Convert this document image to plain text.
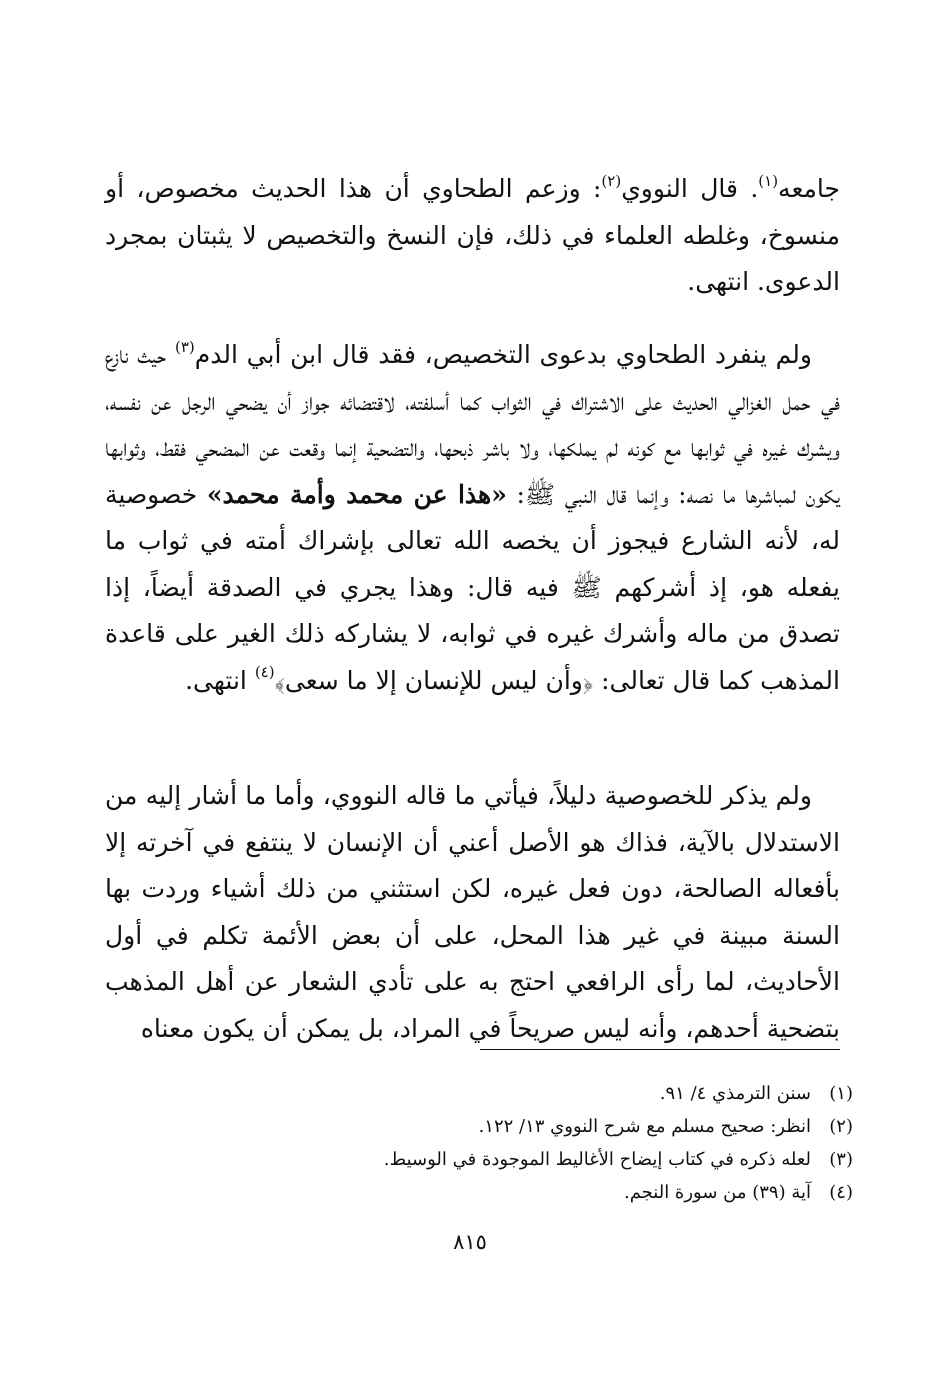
جامعه$^{(١)}$. قال النووي$^{(٢)}$: وزعم الطحاوي أن هذا الحديث مخصوص، أو منسوخ، وغلطه العلماء في ذلك، فإن النسخ والتخصيص لا يثبتان بمجرد الدعوى. انتهى.

ولم ينفرد الطحاوي بدعوى التخصيص، فقد قال ابن أبي الدم$^{(٣)}$ حيث نازع في حمل الغزالي الحديث على الاشتراك في الثواب كما أسلفته، لاقتضائه جواز أن يضحي الرجل عن نفسه، ويشرك غيره في ثوابها مع كونه لم يملكها، ولا باشر ذبحها، والتضحية إنما وقعت عن المضحي فقط، وثوابها يكون لمباشرها ما نصه: وإنما قال النبي ﷺ: «هذا عن محمد وأمة محمد» خصوصية له، لأنه الشارع فيجوز أن يخصه الله تعالى بإشراك أمته في ثواب ما يفعله هو، إذ أشركهم ﷺ فيه قال: وهذا يجري في الصدقة أيضاً، إذا تصدق من ماله وأشرك غيره في ثوابه، لا يشاركه ذلك الغير على قاعدة المذهب كما قال تعالى: ﴿وأن ليس للإنسان إلا ما سعى﴾$^{(٤)}$ انتهى.

ولم يذكر للخصوصية دليلاً، فيأتي ما قاله النووي، وأما ما أشار إليه من الاستدلال بالآية، فذاك هو الأصل أعني أن الإنسان لا ينتفع في آخرته إلا بأفعاله الصالحة، دون فعل غيره، لكن استثني من ذلك أشياء وردت بها السنة مبينة في غير هذا المحل، على أن بعض الأئمة تكلم في أول الأحاديث، لما رأى الرافعي احتج به على تأدي الشعار عن أهل المذهب بتضحية أحدهم، وأنه ليس صريحاً في المراد، بل يمكن أن يكون معناه

(١)
سنن الترمذي ٤/ ٩١.
(٢)
انظر: صحيح مسلم مع شرح النووي ١٣/ ١٢٢.
(٣)
لعله ذكره في كتاب إيضاح الأغاليط الموجودة في الوسيط.
(٤)
آية (٣٩) من سورة النجم.
٨١٥
